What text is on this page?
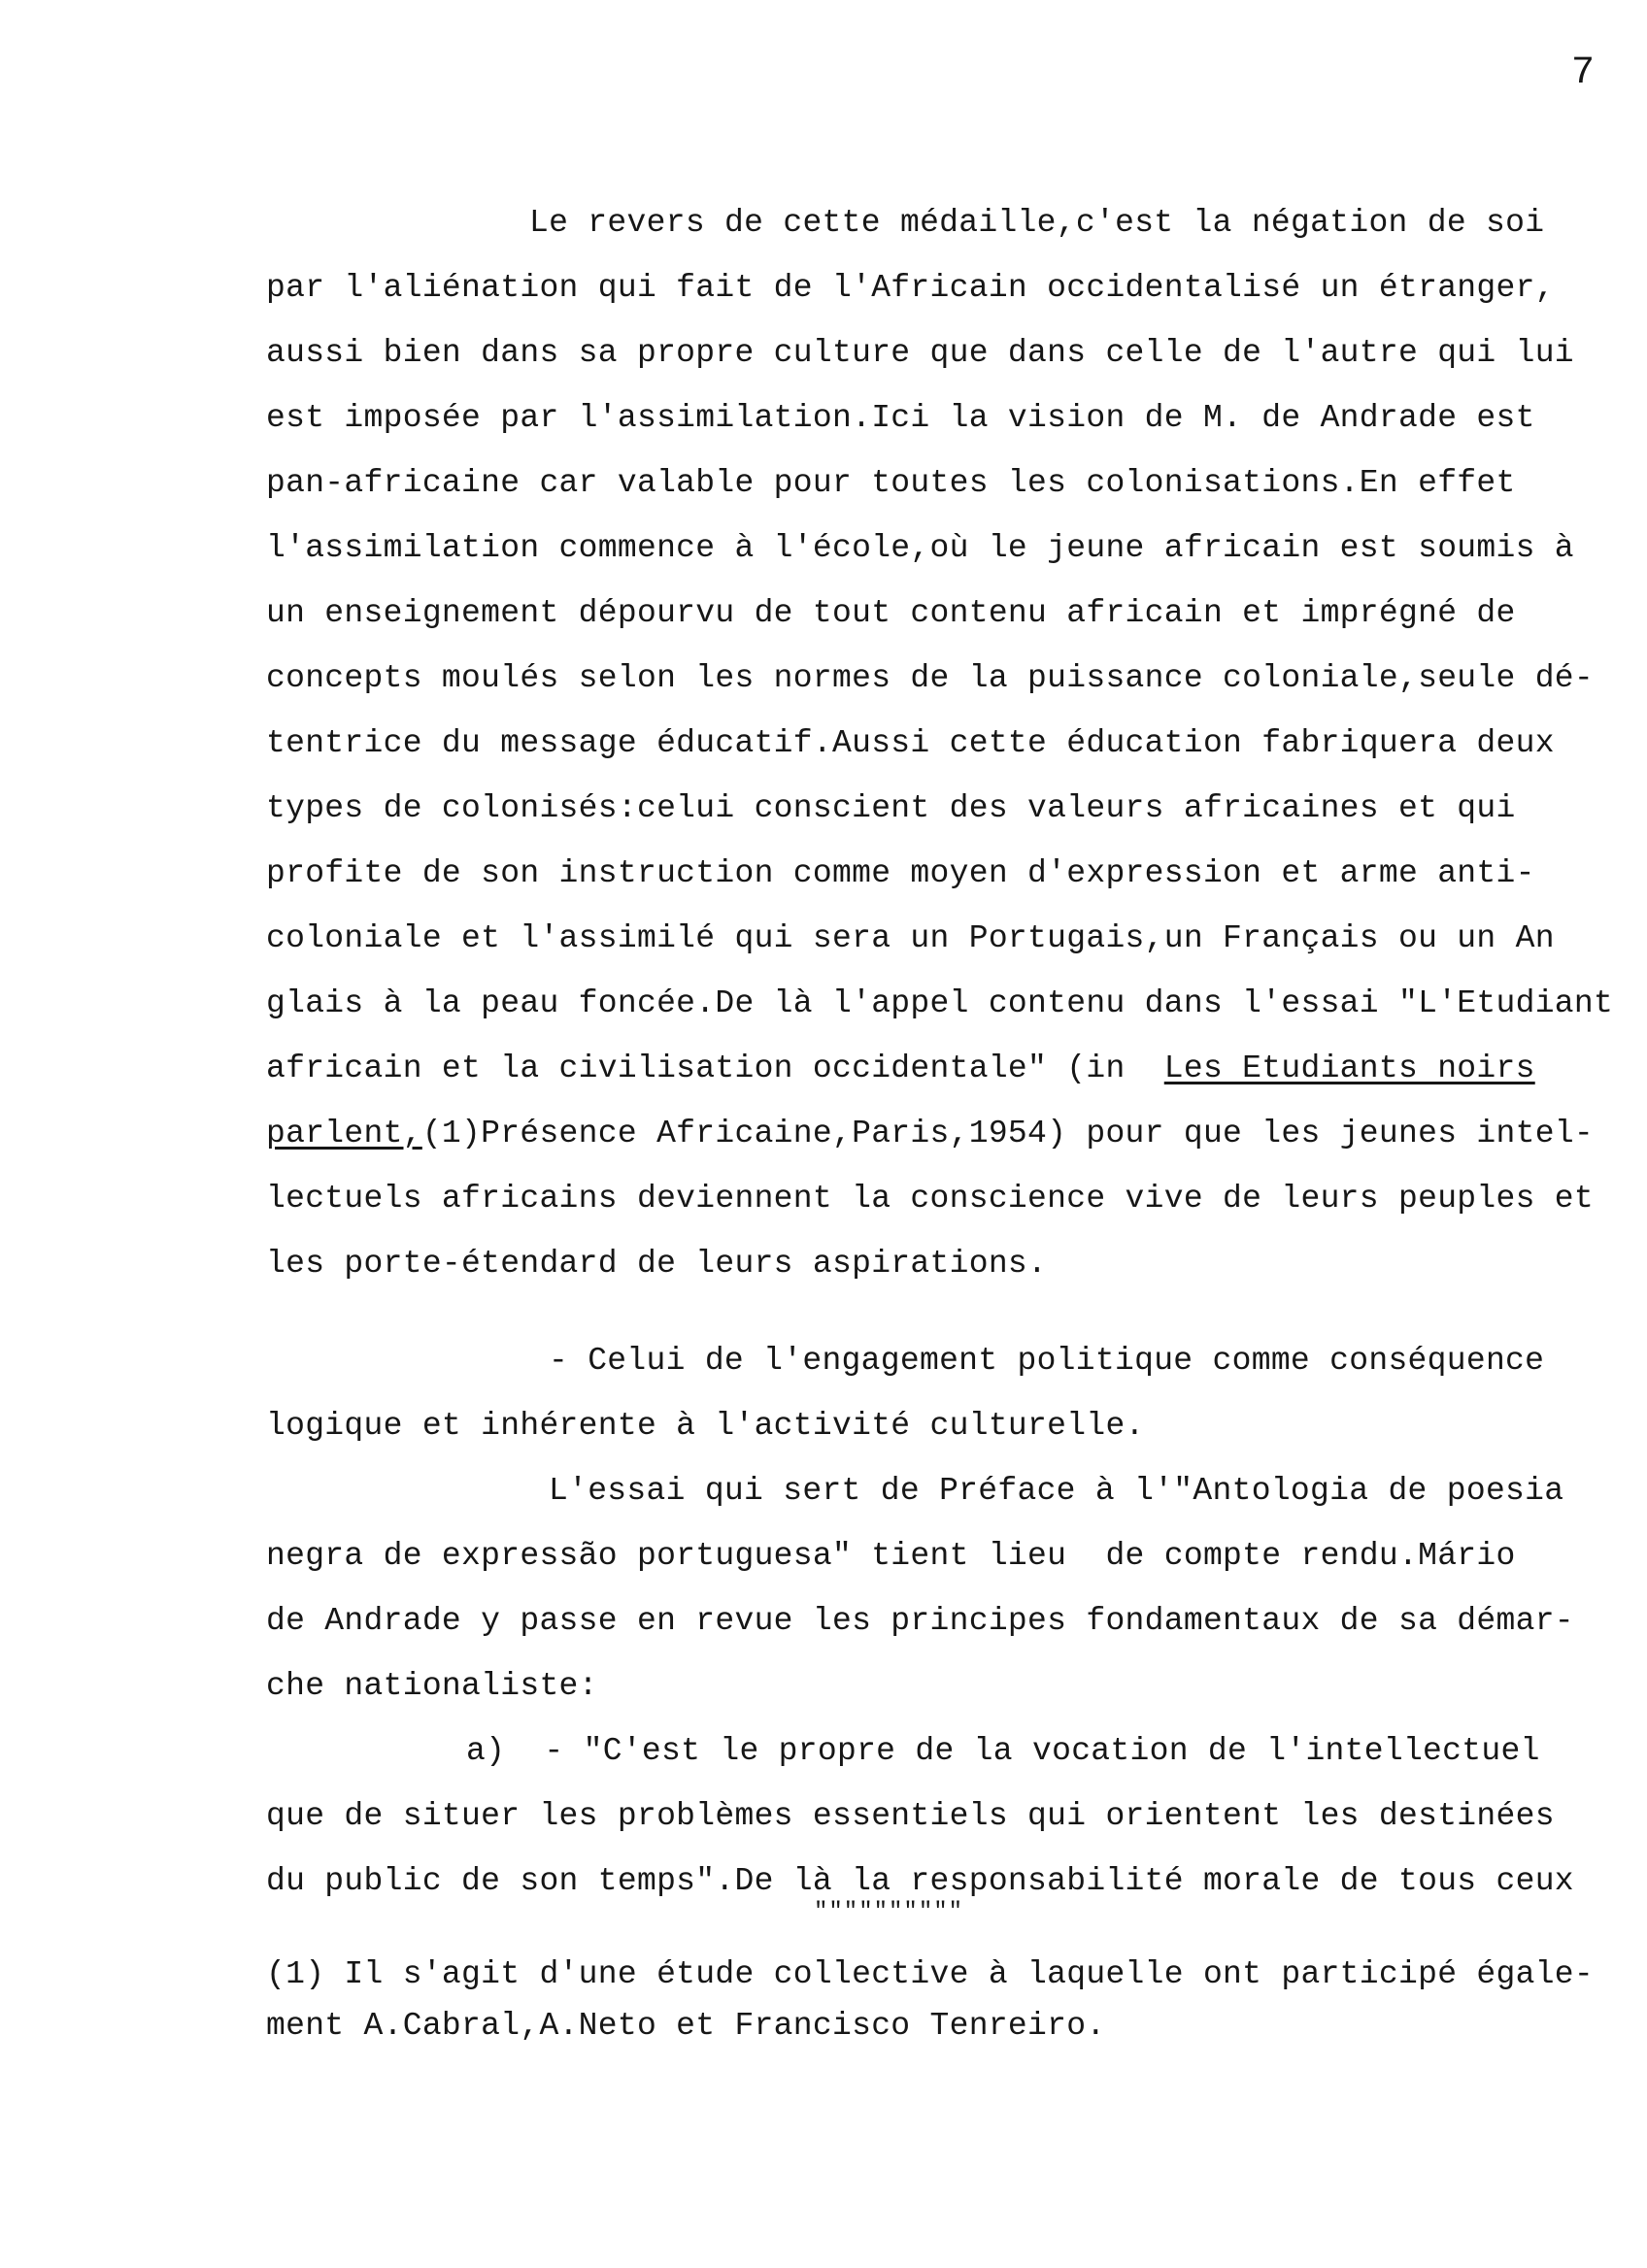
7

Le revers de cette médaille,c'est la négation de soi

par l'aliénation qui fait de l'Africain occidentalisé un étranger,

aussi bien dans sa propre culture que dans celle de l'autre qui lui

est imposée par l'assimilation.Ici la vision de M. de Andrade est

pan-africaine car valable pour toutes les colonisations.En effet

l'assimilation commence à l'école,où le jeune africain est soumis à

un enseignement dépourvu de tout contenu africain et imprégné de

concepts moulés selon les normes de la puissance coloniale,seule dé-

tentrice du message éducatif.Aussi cette éducation fabriquera deux

types de colonisés:celui conscient des valeurs africaines et qui

profite de son instruction comme moyen d'expression et arme anti-

coloniale et l'assimilé qui sera un Portugais,un Français ou un An

glais à la peau foncée.De là l'appel contenu dans l'essai "L'Etudiant

africain et la civilisation occidentale" (in  Les Etudiants noirs

parlent,(1)Présence Africaine,Paris,1954) pour que les jeunes intel-

lectuels africains deviennent la conscience vive de leurs peuples et

les porte-étendard de leurs aspirations.

- Celui de l'engagement politique comme conséquence

logique et inhérente à l'activité culturelle.

L'essai qui sert de Préface à l'"Antologia de poesia

negra de expressão portuguesa" tient lieu  de compte rendu.Mário

de Andrade y passe en revue les principes fondamentaux de sa démar-

che nationaliste:

a)  - "C'est le propre de la vocation de l'intellectuel

que de situer les problèmes essentiels qui orientent les destinées

du public de son temps".De là la responsabilité morale de tous ceux

""""""""""

(1) Il s'agit d'une étude collective à laquelle ont participé égale-

ment A.Cabral,A.Neto et Francisco Tenreiro.
